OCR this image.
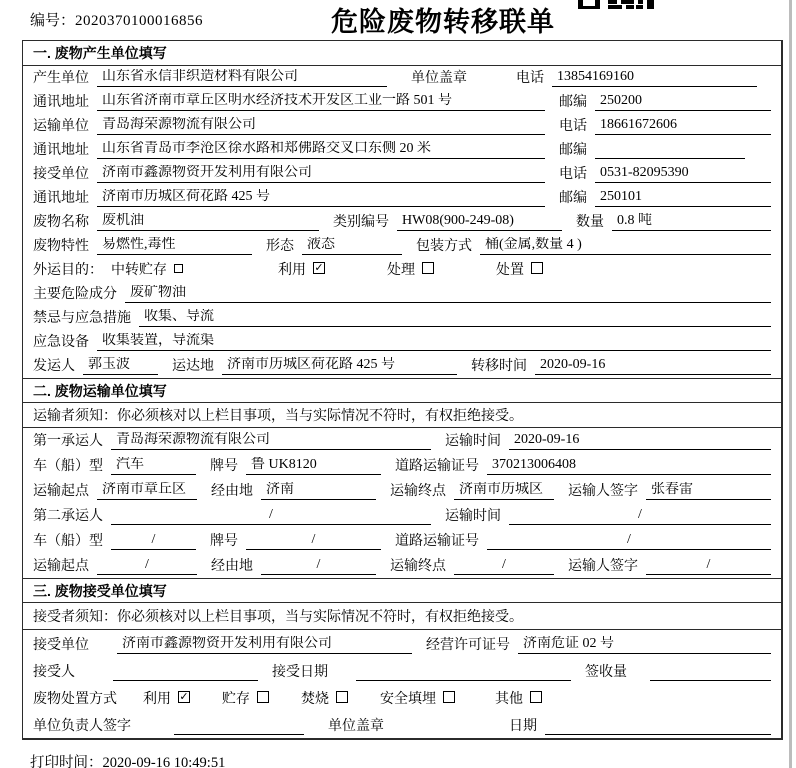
编号：2020370100016856	危险废物转移联单
一. 废物产生单位填写
产生单位 山东省永信非织造材料有限公司	单位盖章	电话 13854169160
通讯地址 山东省济南市章丘区明水经济技术开发区工业一路 501 号	邮编 250200
运输单位 青岛海荣源物流有限公司	电话 18661672606
通讯地址 山东省青岛市李沧区徐水路和郑佛路交叉口东侧 20 米	邮编
接受单位 济南市鑫源物资开发利用有限公司	电话 0531-82095390
通讯地址 济南市历城区荷花路 425 号	邮编 250101
废物名称 废机油	类别编号 HW08(900-249-08)	数量 0.8 吨
废物特性 易燃性,毒性	形态 液态	包装方式 桶(金属,数量 4 )
外运目的： 中转贮存	利用 ✓	处理	处置
主要危险成分 废矿物油
禁忌与应急措施 收集、导流
应急设备 收集装置，导流渠
发运人 郭玉波	运达地 济南市历城区荷花路 425 号	转移时间 2020-09-16
二. 废物运输单位填写
运输者须知：你必须核对以上栏目事项，当与实际情况不符时，有权拒绝接受。
第一承运人 青岛海荣源物流有限公司	运输时间 2020-09-16
车（船）型 汽车	牌号 鲁 UK8120	道路运输证号 370213006408
运输起点 济南市章丘区	经由地 济南	运输终点 济南市历城区	运输人签字 张春雷
第二承运人	/	运输时间	/
车（船）型	/	牌号	/	道路运输证号	/
运输起点	/	经由地	/	运输终点	/	运输人签字	/
三. 废物接受单位填写
接受者须知：你必须核对以上栏目事项，当与实际情况不符时，有权拒绝接受。
接受单位	济南市鑫源物资开发利用有限公司	经营许可证号 济南危证 02 号
接受人	接受日期	签收量
废物处置方式 利用 ✓ 贮存	焚烧	安全填埋	其他
单位负责人签字	单位盖章	日期
打印时间：2020-09-16 10:49:51
